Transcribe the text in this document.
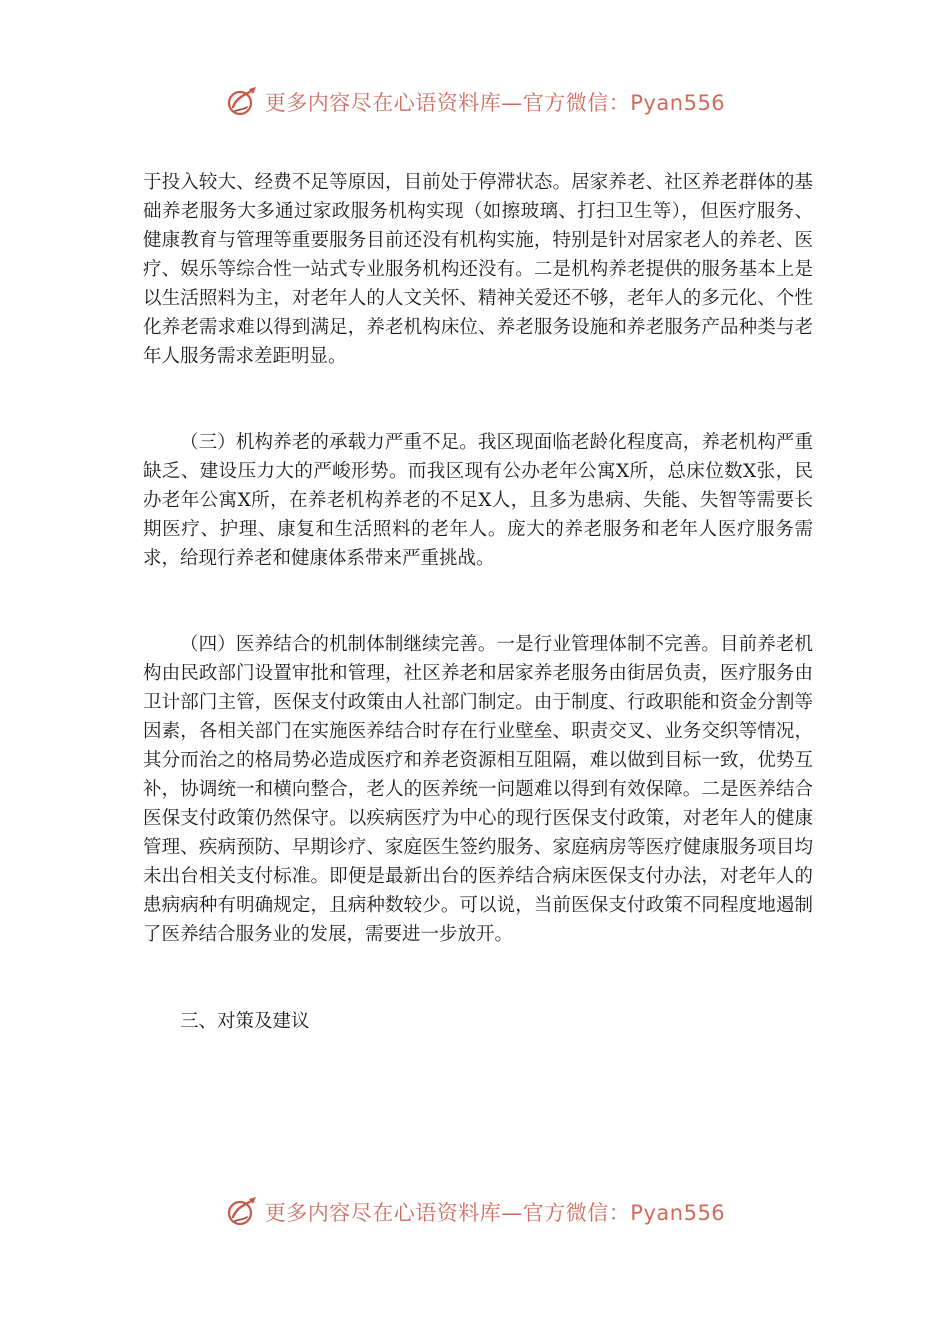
更多内容尽在心语资料库—官方微信：Pyan556

于投入较大、经费不足等原因，目前处于停滞状态。居家养老、社区养老群体的基础养老服务大多通过家政服务机构实现（如擦玻璃、打扫卫生等），但医疗服务、健康教育与管理等重要服务目前还没有机构实施，特别是针对居家老人的养老、医疗、娱乐等综合性一站式专业服务机构还没有。二是机构养老提供的服务基本上是以生活照料为主，对老年人的人文关怀、精神关爱还不够，老年人的多元化、个性化养老需求难以得到满足，养老机构床位、养老服务设施和养老服务产品种类与老年人服务需求差距明显。

（三）机构养老的承载力严重不足。我区现面临老龄化程度高，养老机构严重缺乏、建设压力大的严峻形势。而我区现有公办老年公寓X所，总床位数X张，民办老年公寓X所，在养老机构养老的不足X人，且多为患病、失能、失智等需要长期医疗、护理、康复和生活照料的老年人。庞大的养老服务和老年人医疗服务需求，给现行养老和健康体系带来严重挑战。

（四）医养结合的机制体制继续完善。一是行业管理体制不完善。目前养老机构由民政部门设置审批和管理，社区养老和居家养老服务由街居负责，医疗服务由卫计部门主管，医保支付政策由人社部门制定。由于制度、行政职能和资金分割等因素，各相关部门在实施医养结合时存在行业壁垒、职责交叉、业务交织等情况，其分而治之的格局势必造成医疗和养老资源相互阻隔，难以做到目标一致，优势互补，协调统一和横向整合，老人的医养统一问题难以得到有效保障。二是医养结合医保支付政策仍然保守。以疾病医疗为中心的现行医保支付政策，对老年人的健康管理、疾病预防、早期诊疗、家庭医生签约服务、家庭病房等医疗健康服务项目均未出台相关支付标准。即便是最新出台的医养结合病床医保支付办法，对老年人的患病病种有明确规定，且病种数较少。可以说，当前医保支付政策不同程度地遏制了医养结合服务业的发展，需要进一步放开。

三、对策及建议

更多内容尽在心语资料库—官方微信：Pyan556
